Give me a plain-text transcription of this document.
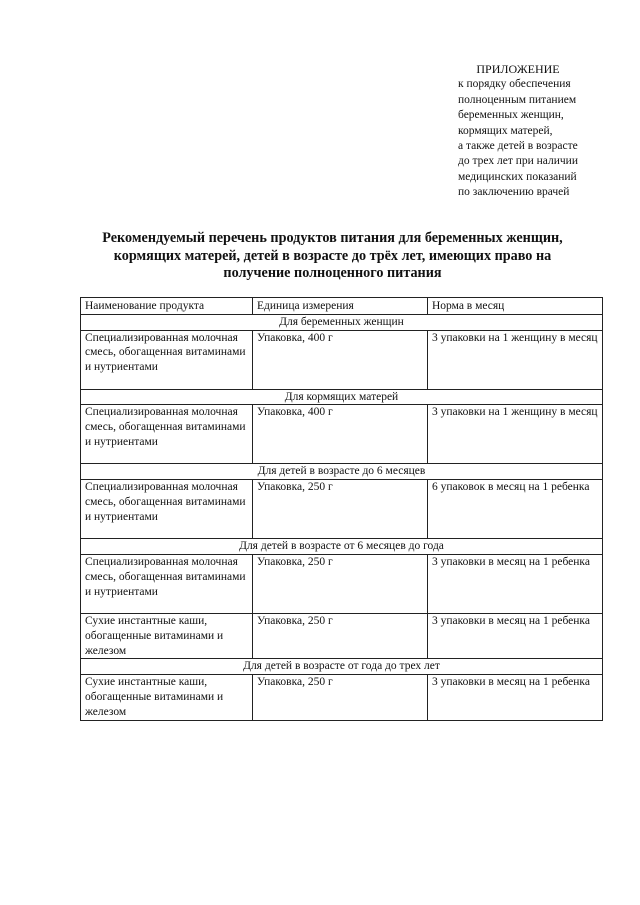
ПРИЛОЖЕНИЕ
к порядку обеспечения
полноценным питанием
беременных женщин,
кормящих матерей,
а также детей в возрасте
до трех лет при наличии
медицинских показаний
по заключению врачей
Рекомендуемый перечень продуктов питания для беременных женщин,
кормящих матерей, детей в возрасте до трёх лет, имеющих право на
получение полноценного питания
Наименование продукта	Единица измерения	Норма в месяц
Для беременных женщин		
Специализированная молочная смесь, обогащенная витаминами и нутриентами	Упаковка, 400 г	3 упаковки на 1 женщину в месяц
Для кормящих матерей		
Специализированная молочная смесь, обогащенная витаминами и нутриентами	Упаковка, 400 г	3 упаковки на 1 женщину в месяц
Для детей в возрасте до 6 месяцев		
Специализированная молочная смесь, обогащенная витаминами и нутриентами	Упаковка, 250 г	6 упаковок в месяц на 1 ребенка
Для детей в возрасте от 6 месяцев до года		
Специализированная молочная смесь, обогащенная витаминами и нутриентами	Упаковка, 250 г	3 упаковки в месяц на 1 ребенка
Сухие инстантные каши, обогащенные витаминами и железом	Упаковка, 250 г	3 упаковки в месяц на 1 ребенка
Для детей в возрасте от года до трех лет		
Сухие инстантные каши, обогащенные витаминами и железом	Упаковка, 250 г	3 упаковки в месяц на 1 ребенка
